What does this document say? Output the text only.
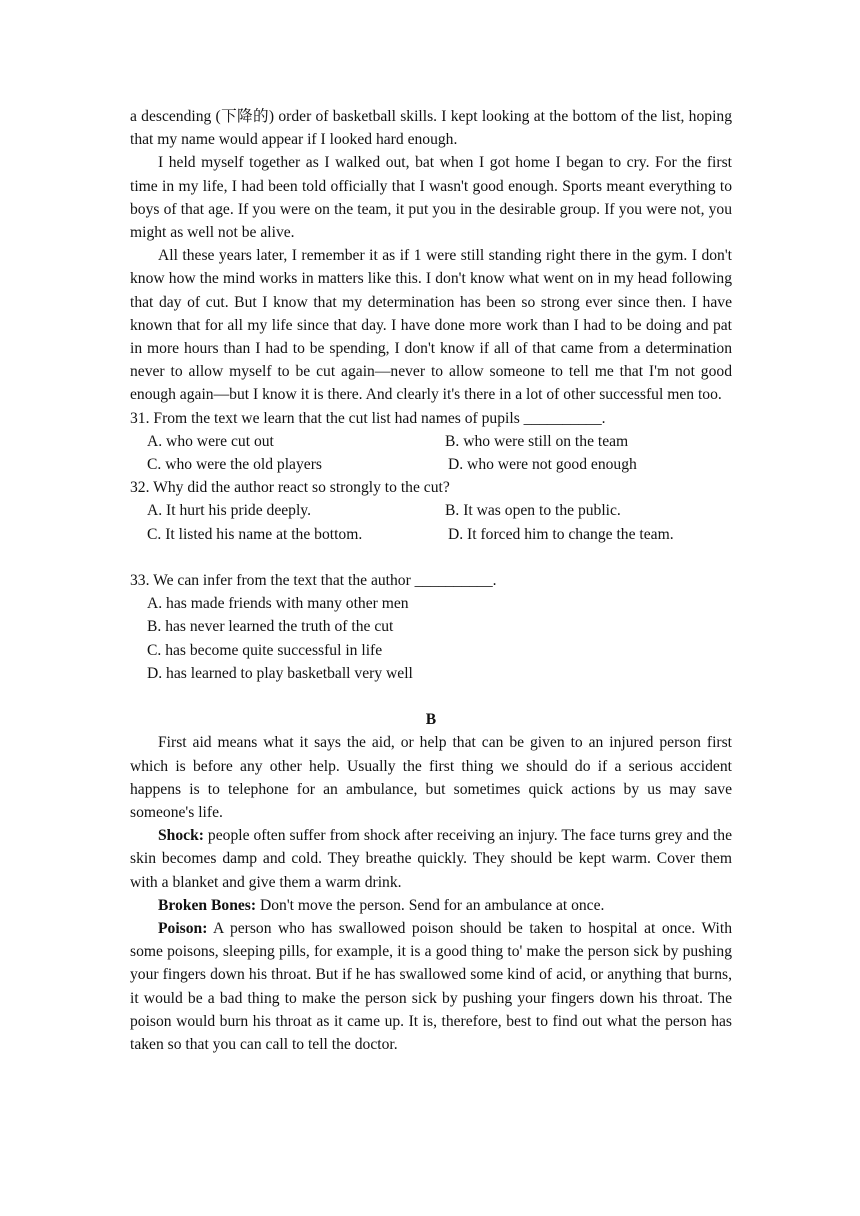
a descending (下降的) order of basketball skills. I kept looking at the bottom of the list, hoping that my name would appear if I looked hard enough.

I held myself together as I walked out, bat when I got home I began to cry. For the first time in my life, I had been told officially that I wasn't good enough. Sports meant everything to boys of that age. If you were on the team, it put you in the desirable group. If you were not, you might as well not be alive.

All these years later, I remember it as if 1 were still standing right there in the gym. I don't know how the mind works in matters like this. I don't know what went on in my head following that day of cut. But I know that my determination has been so strong ever since then. I have known that for all my life since that day. I have done more work than I had to be doing and pat in more hours than I had to be spending, I don't know if all of that came from a determination never to allow myself to be cut again—never to allow someone to tell me that I'm not good enough again—but I know it is there. And clearly it's there in a lot of other successful men too.

31. From the text we learn that the cut list had names of pupils __________.

A. who were cut out	B. who were still on the team
C. who were the old players	D. who were not good enough

32. Why did the author react so strongly to the cut?

A. It hurt his pride deeply.	B. It was open to the public.
C. It listed his name at the bottom.	D. It forced him to change the team.

33. We can infer from the text that the author __________.

A. has made friends with many other men
B. has never learned the truth of the cut
C. has become quite successful in life
D. has learned to play basketball very well

B

First aid means what it says the aid, or help that can be given to an injured person first which is before any other help. Usually the first thing we should do if a serious accident happens is to telephone for an ambulance, but sometimes quick actions by us may save someone's life.

Shock: people often suffer from shock after receiving an injury. The face turns grey and the skin becomes damp and cold. They breathe quickly. They should be kept warm. Cover them with a blanket and give them a warm drink.

Broken Bones: Don't move the person. Send for an ambulance at once.

Poison: A person who has swallowed poison should be taken to hospital at once. With some poisons, sleeping pills, for example, it is a good thing to' make the person sick by pushing your fingers down his throat. But if he has swallowed some kind of acid, or anything that burns, it would be a bad thing to make the person sick by pushing your fingers down his throat. The poison would burn his throat as it came up. It is, therefore, best to find out what the person has taken so that you can call to tell the doctor.
